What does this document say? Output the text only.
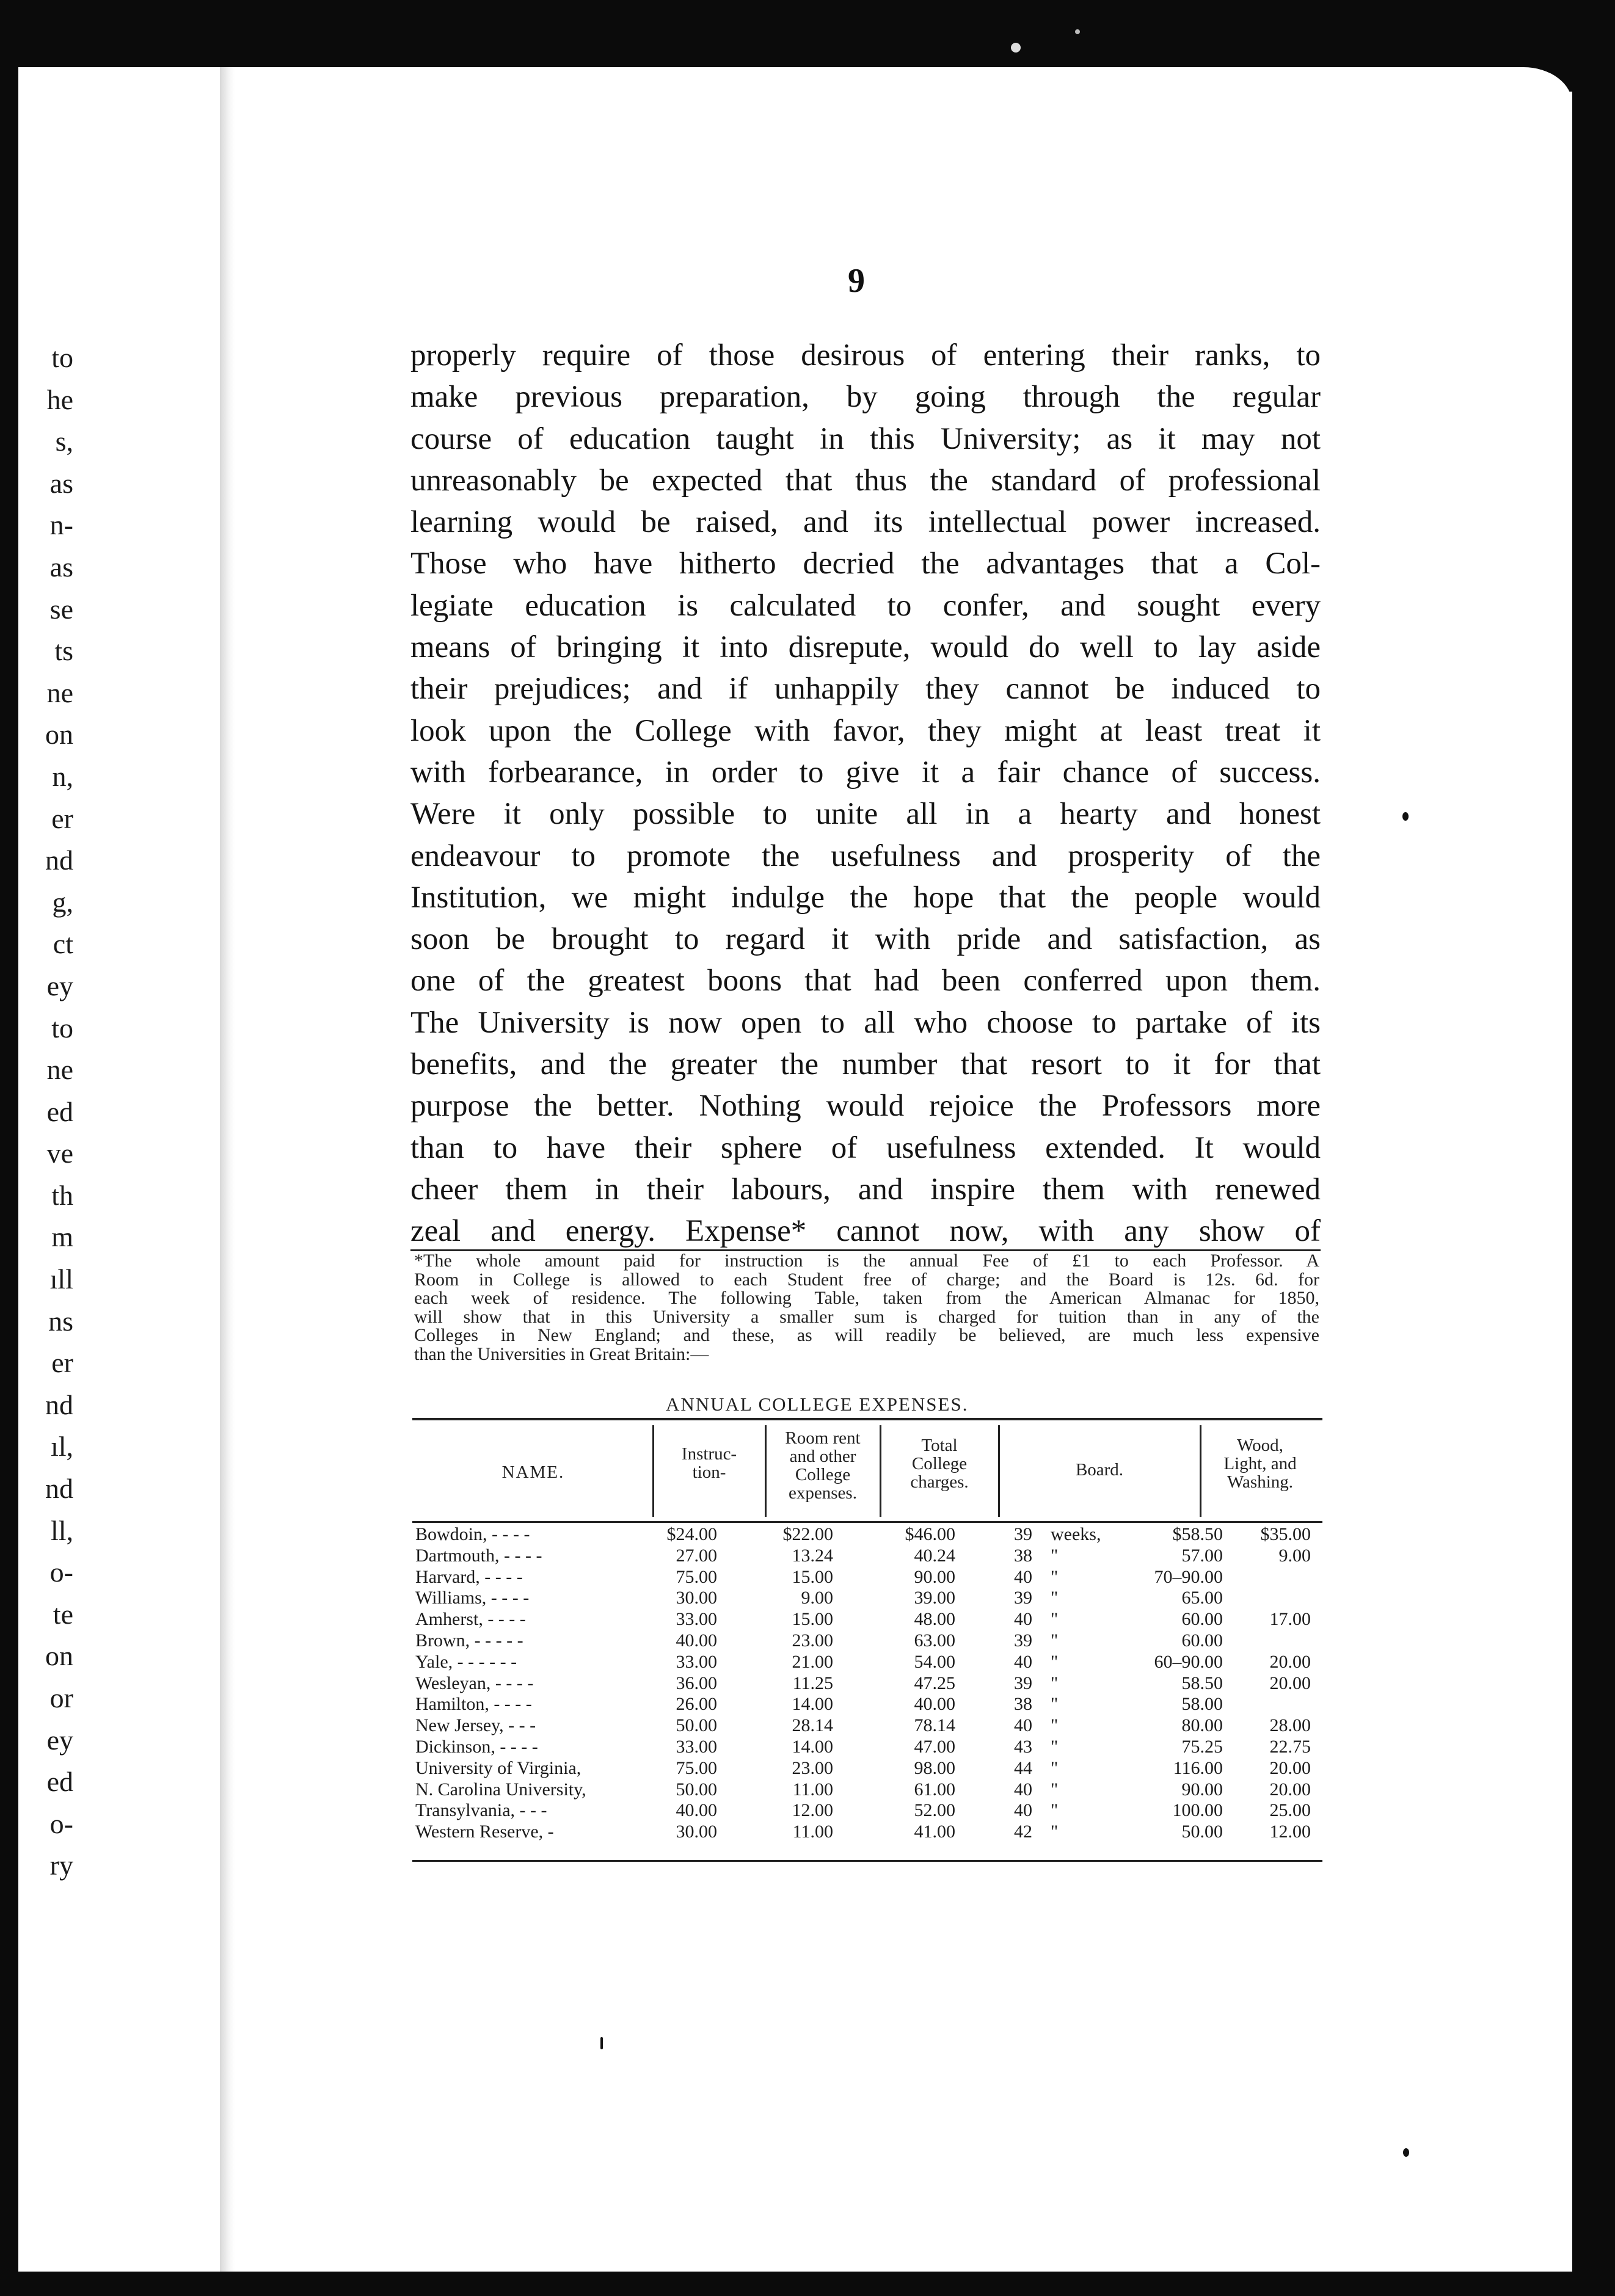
to
he
s,
as
n-
as
se
ts
ne
on
n,
er
nd
g,
ct
ey
to
ne
ed
ve
th
m
ıll
ns
er
nd
ıl,
nd
ll,
o-
te
on
or
ey
ed
o-
ry
9
properly require of those desirous of entering their ranks, to
make previous preparation, by going through the regular
course of education taught in this University; as it may not
unreasonably be expected that thus the standard of professional
learning would be raised, and its intellectual power increased.
Those who have hitherto decried the advantages that a Col-
legiate education is calculated to confer, and sought every
means of bringing it into disrepute, would do well to lay aside
their prejudices; and if unhappily they cannot be induced to
look upon the College with favor, they might at least treat it
with forbearance, in order to give it a fair chance of success.
Were it only possible to unite all in a hearty and honest
endeavour to promote the usefulness and prosperity of the
Institution, we might indulge the hope that the people would
soon be brought to regard it with pride and satisfaction, as
one of the greatest boons that had been conferred upon them.
The University is now open to all who choose to partake of its
benefits, and the greater the number that resort to it for that
purpose the better. Nothing would rejoice the Professors more
than to have their sphere of usefulness extended. It would
cheer them in their labours, and inspire them with renewed
zeal and energy. Expense* cannot now, with any show of
*The whole amount paid for instruction is the annual Fee of £1 to each Professor. A
Room in College is allowed to each Student free of charge; and the Board is 12s. 6d. for
each week of residence. The following Table, taken from the American Almanac for 1850,
will show that in this University a smaller sum is charged for tuition than in any of the
Colleges in New England; and these, as will readily be believed, are much less expensive
than the Universities in Great Britain:—
ANNUAL COLLEGE EXPENSES.
NAME.
Instruc-
tion-
Room rent
and other
College
expenses.
Total
College
charges.
Board.
Wood,
Light, and
Washing.
Bowdoin, - - - -	$24.00	$22.00	$46.00	39	weeks,	$58.50	$35.00
Dartmouth, - - - -	27.00	13.24	40.24	38	"	57.00	9.00
Harvard, - - - -	75.00	15.00	90.00	40	"	70–90.00
Williams, - - - -	30.00	9.00	39.00	39	"	65.00
Amherst, - - - -	33.00	15.00	48.00	40	"	60.00	17.00
Brown, - - - - -	40.00	23.00	63.00	39	"	60.00
Yale, - - - - - -	33.00	21.00	54.00	40	"	60–90.00	20.00
Wesleyan, - - - -	36.00	11.25	47.25	39	"	58.50	20.00
Hamilton, - - - -	26.00	14.00	40.00	38	"	58.00
New Jersey, - - -	50.00	28.14	78.14	40	"	80.00	28.00
Dickinson, - - - -	33.00	14.00	47.00	43	"	75.25	22.75
University of Virginia,	75.00	23.00	98.00	44	"	116.00	20.00
N. Carolina University,	50.00	11.00	61.00	40	"	90.00	20.00
Transylvania, - - -	40.00	12.00	52.00	40	"	100.00	25.00
Western Reserve, -	30.00	11.00	41.00	42	"	50.00	12.00
